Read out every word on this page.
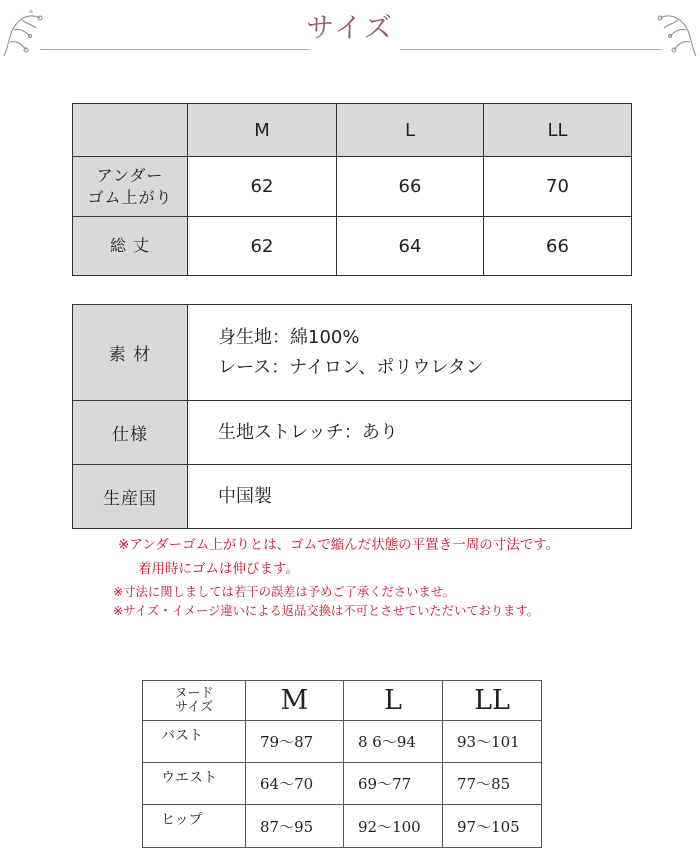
サイズ
	M	L	LL

アンダー
ゴム上がり	62	66	70
総 丈	62	64	66
素 材	身生地：綿100%
レース：ナイロン、ポリウレタン

仕様	生地ストレッチ：あり
生産国	中国製
※アンダーゴム上がりとは、ゴムで縮んだ状態の平置き一周の寸法です。
着用時にゴムは伸びます。
※寸法に関しましては若干の誤差は予めご了承くださいませ。
※サイズ・イメージ違いによる返品交換は不可とさせていただいております。
ヌード
サイズ	M	L	LL
バスト	79～87	8 6～94	93～101
ウエスト	64～70	69～77	77～85
ヒップ	87～95	92～100	97～105
